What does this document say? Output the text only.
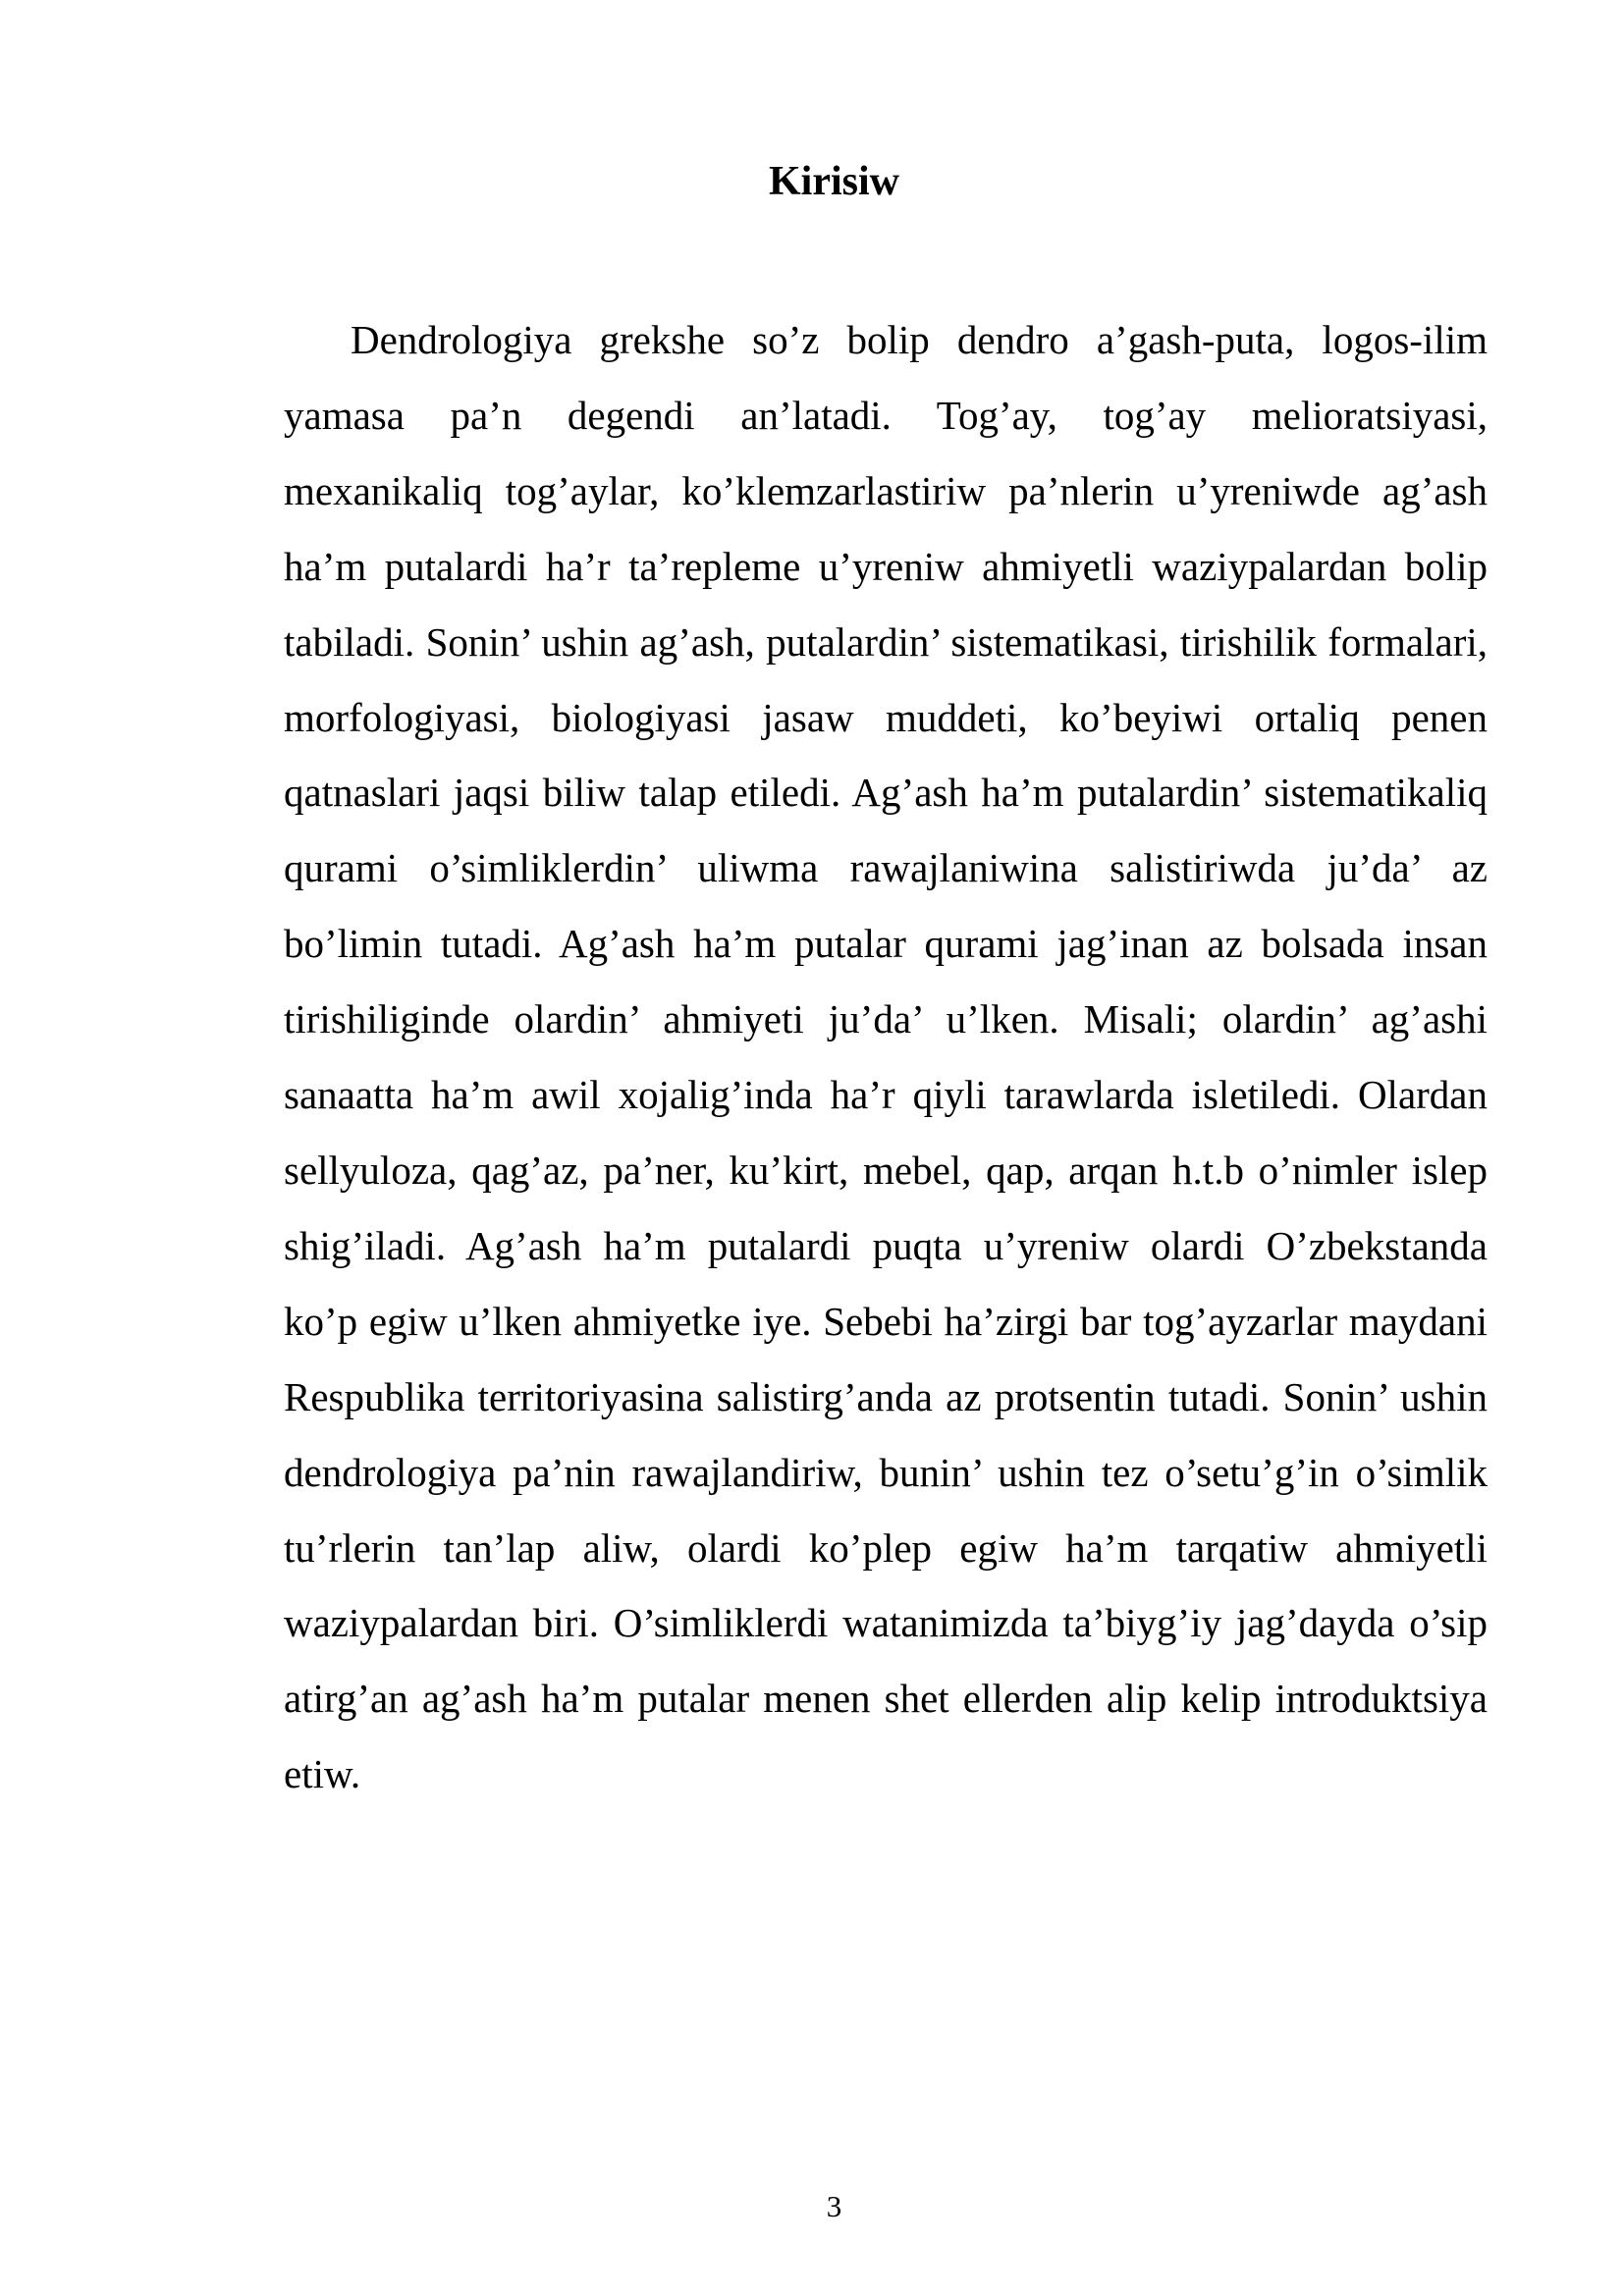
Kirisiw

Dendrologiya grekshe so’z bolip dendro a’gash-puta, logos-ilim yamasa pa’n degendi an’latadi. Tog’ay, tog’ay melioratsiyasi, mexanikaliq tog’aylar, ko’klemzarlastiriw pa’nlerin u’yreniwde ag’ash ha’m putalardi ha’r ta’repleme u’yreniw ahmiyetli waziypalardan bolip tabiladi. Sonin’ ushin ag’ash, putalardin’ sistematikasi, tirishilik formalari, morfologiyasi, biologiyasi jasaw muddeti, ko’beyiwi ortaliq penen qatnaslari jaqsi biliw talap etiledi. Ag’ash ha’m putalardin’ sistematikaliq qurami o’simliklerdin’ uliwma rawajlaniwina salistiriwda ju’da’ az bo’limin tutadi. Ag’ash ha’m putalar qurami jag’inan az bolsada insan tirishiliginde olardin’ ahmiyeti ju’da’ u’lken. Misali; olardin’ ag’ashi sanaatta ha’m awil xojalig’inda ha’r qiyli tarawlarda isletiledi. Olardan sellyuloza, qag’az, pa’ner, ku’kirt, mebel, qap, arqan h.t.b o’nimler islep shig’iladi. Ag’ash ha’m putalardi puqta u’yreniw olardi O’zbekstanda ko’p egiw u’lken ahmiyetke iye. Sebebi ha’zirgi bar tog’ayzarlar maydani Respublika territoriyasina salistirg’anda az protsentin tutadi. Sonin’ ushin dendrologiya pa’nin rawajlandiriw, bunin’ ushin tez o’setu’g’in o’simlik tu’rlerin tan’lap aliw, olardi ko’plep egiw ha’m tarqatiw ahmiyetli waziypalardan biri. O’simliklerdi watanimizda ta’biyg’iy jag’dayda o’sip atirg’an ag’ash ha’m putalar menen shet ellerden alip kelip introduktsiya etiw.

3
